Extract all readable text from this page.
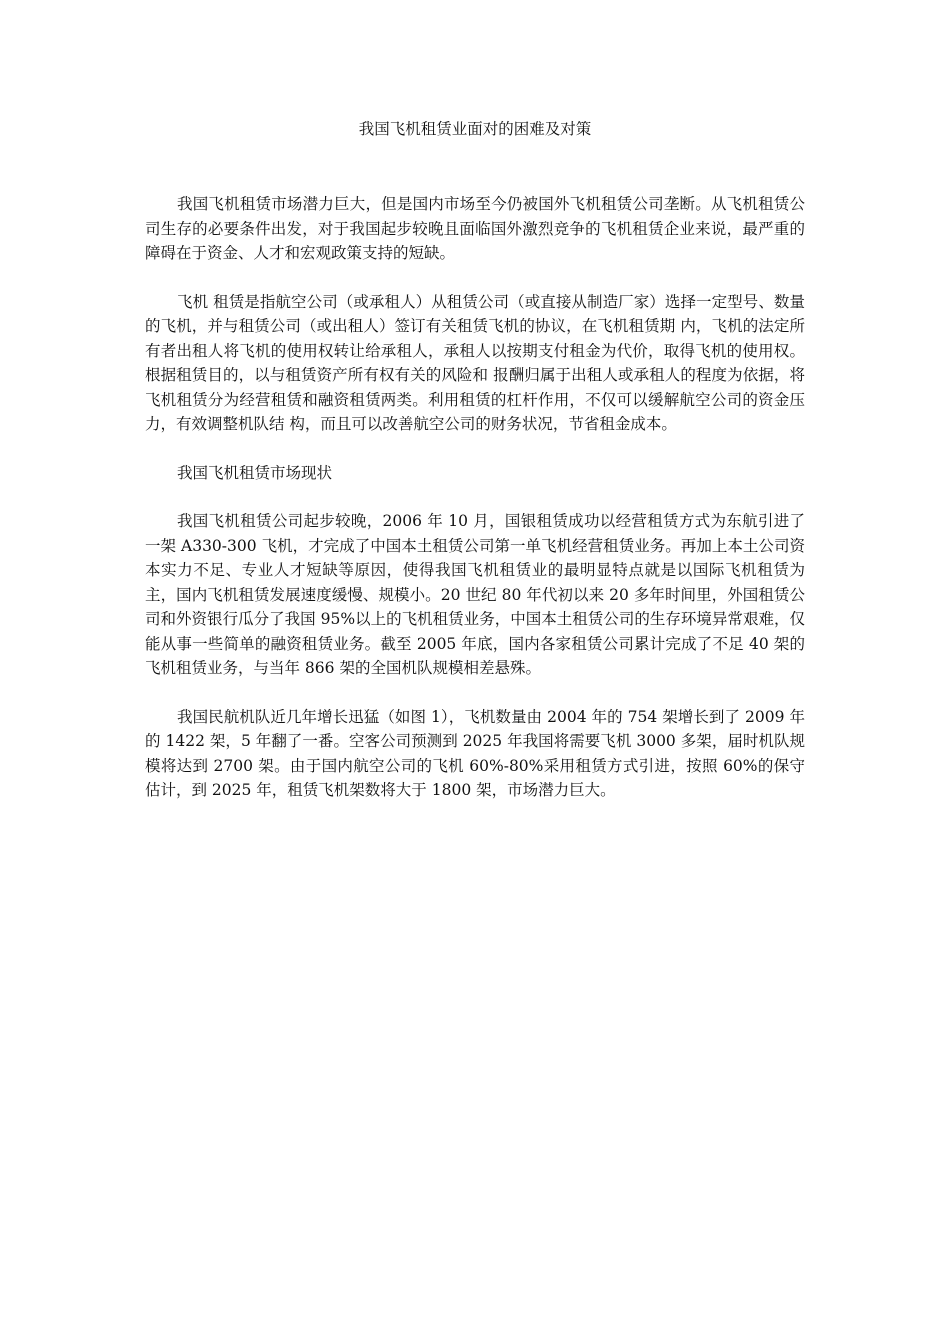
我国飞机租赁业面对的困难及对策

我国飞机租赁市场潜力巨大，但是国内市场至今仍被国外飞机租赁公司垄断。从飞机租赁公司生存的必要条件出发，对于我国起步较晚且面临国外激烈竞争的飞机租赁企业来说，最严重的障碍在于资金、人才和宏观政策支持的短缺。

飞机 租赁是指航空公司（或承租人）从租赁公司（或直接从制造厂家）选择一定型号、数量的飞机，并与租赁公司（或出租人）签订有关租赁飞机的协议，在飞机租赁期 内，飞机的法定所有者出租人将飞机的使用权转让给承租人，承租人以按期支付租金为代价，取得飞机的使用权。根据租赁目的，以与租赁资产所有权有关的风险和 报酬归属于出租人或承租人的程度为依据，将飞机租赁分为经营租赁和融资租赁两类。利用租赁的杠杆作用，不仅可以缓解航空公司的资金压力，有效调整机队结 构，而且可以改善航空公司的财务状况，节省租金成本。

我国飞机租赁市场现状

我国飞机租赁公司起步较晚，2006 年 10 月，国银租赁成功以经营租赁方式为东航引进了一架 A330-300 飞机，才完成了中国本土租赁公司第一单飞机经营租赁业务。再加上本土公司资本实力不足、专业人才短缺等原因，使得我国飞机租赁业的最明显特点就是以国际飞机租赁为主，国内飞机租赁发展速度缓慢、规模小。20 世纪 80 年代初以来 20 多年时间里，外国租赁公司和外资银行瓜分了我国 95%以上的飞机租赁业务，中国本土租赁公司的生存环境异常艰难，仅能从事一些简单的融资租赁业务。截至 2005 年底，国内各家租赁公司累计完成了不足 40 架的飞机租赁业务，与当年 866 架的全国机队规模相差悬殊。

我国民航机队近几年增长迅猛（如图 1），飞机数量由 2004 年的 754 架增长到了 2009 年　的 1422 架，5 年翻了一番。空客公司预测到 2025 年我国将需要飞机 3000 多架，届时机队规模将达到 2700 架。由于国内航空公司的飞机 60%-80%采用租赁方式引进，按照 60%的保守估计，到 2025 年，租赁飞机架数将大于 1800 架，市场潜力巨大。
